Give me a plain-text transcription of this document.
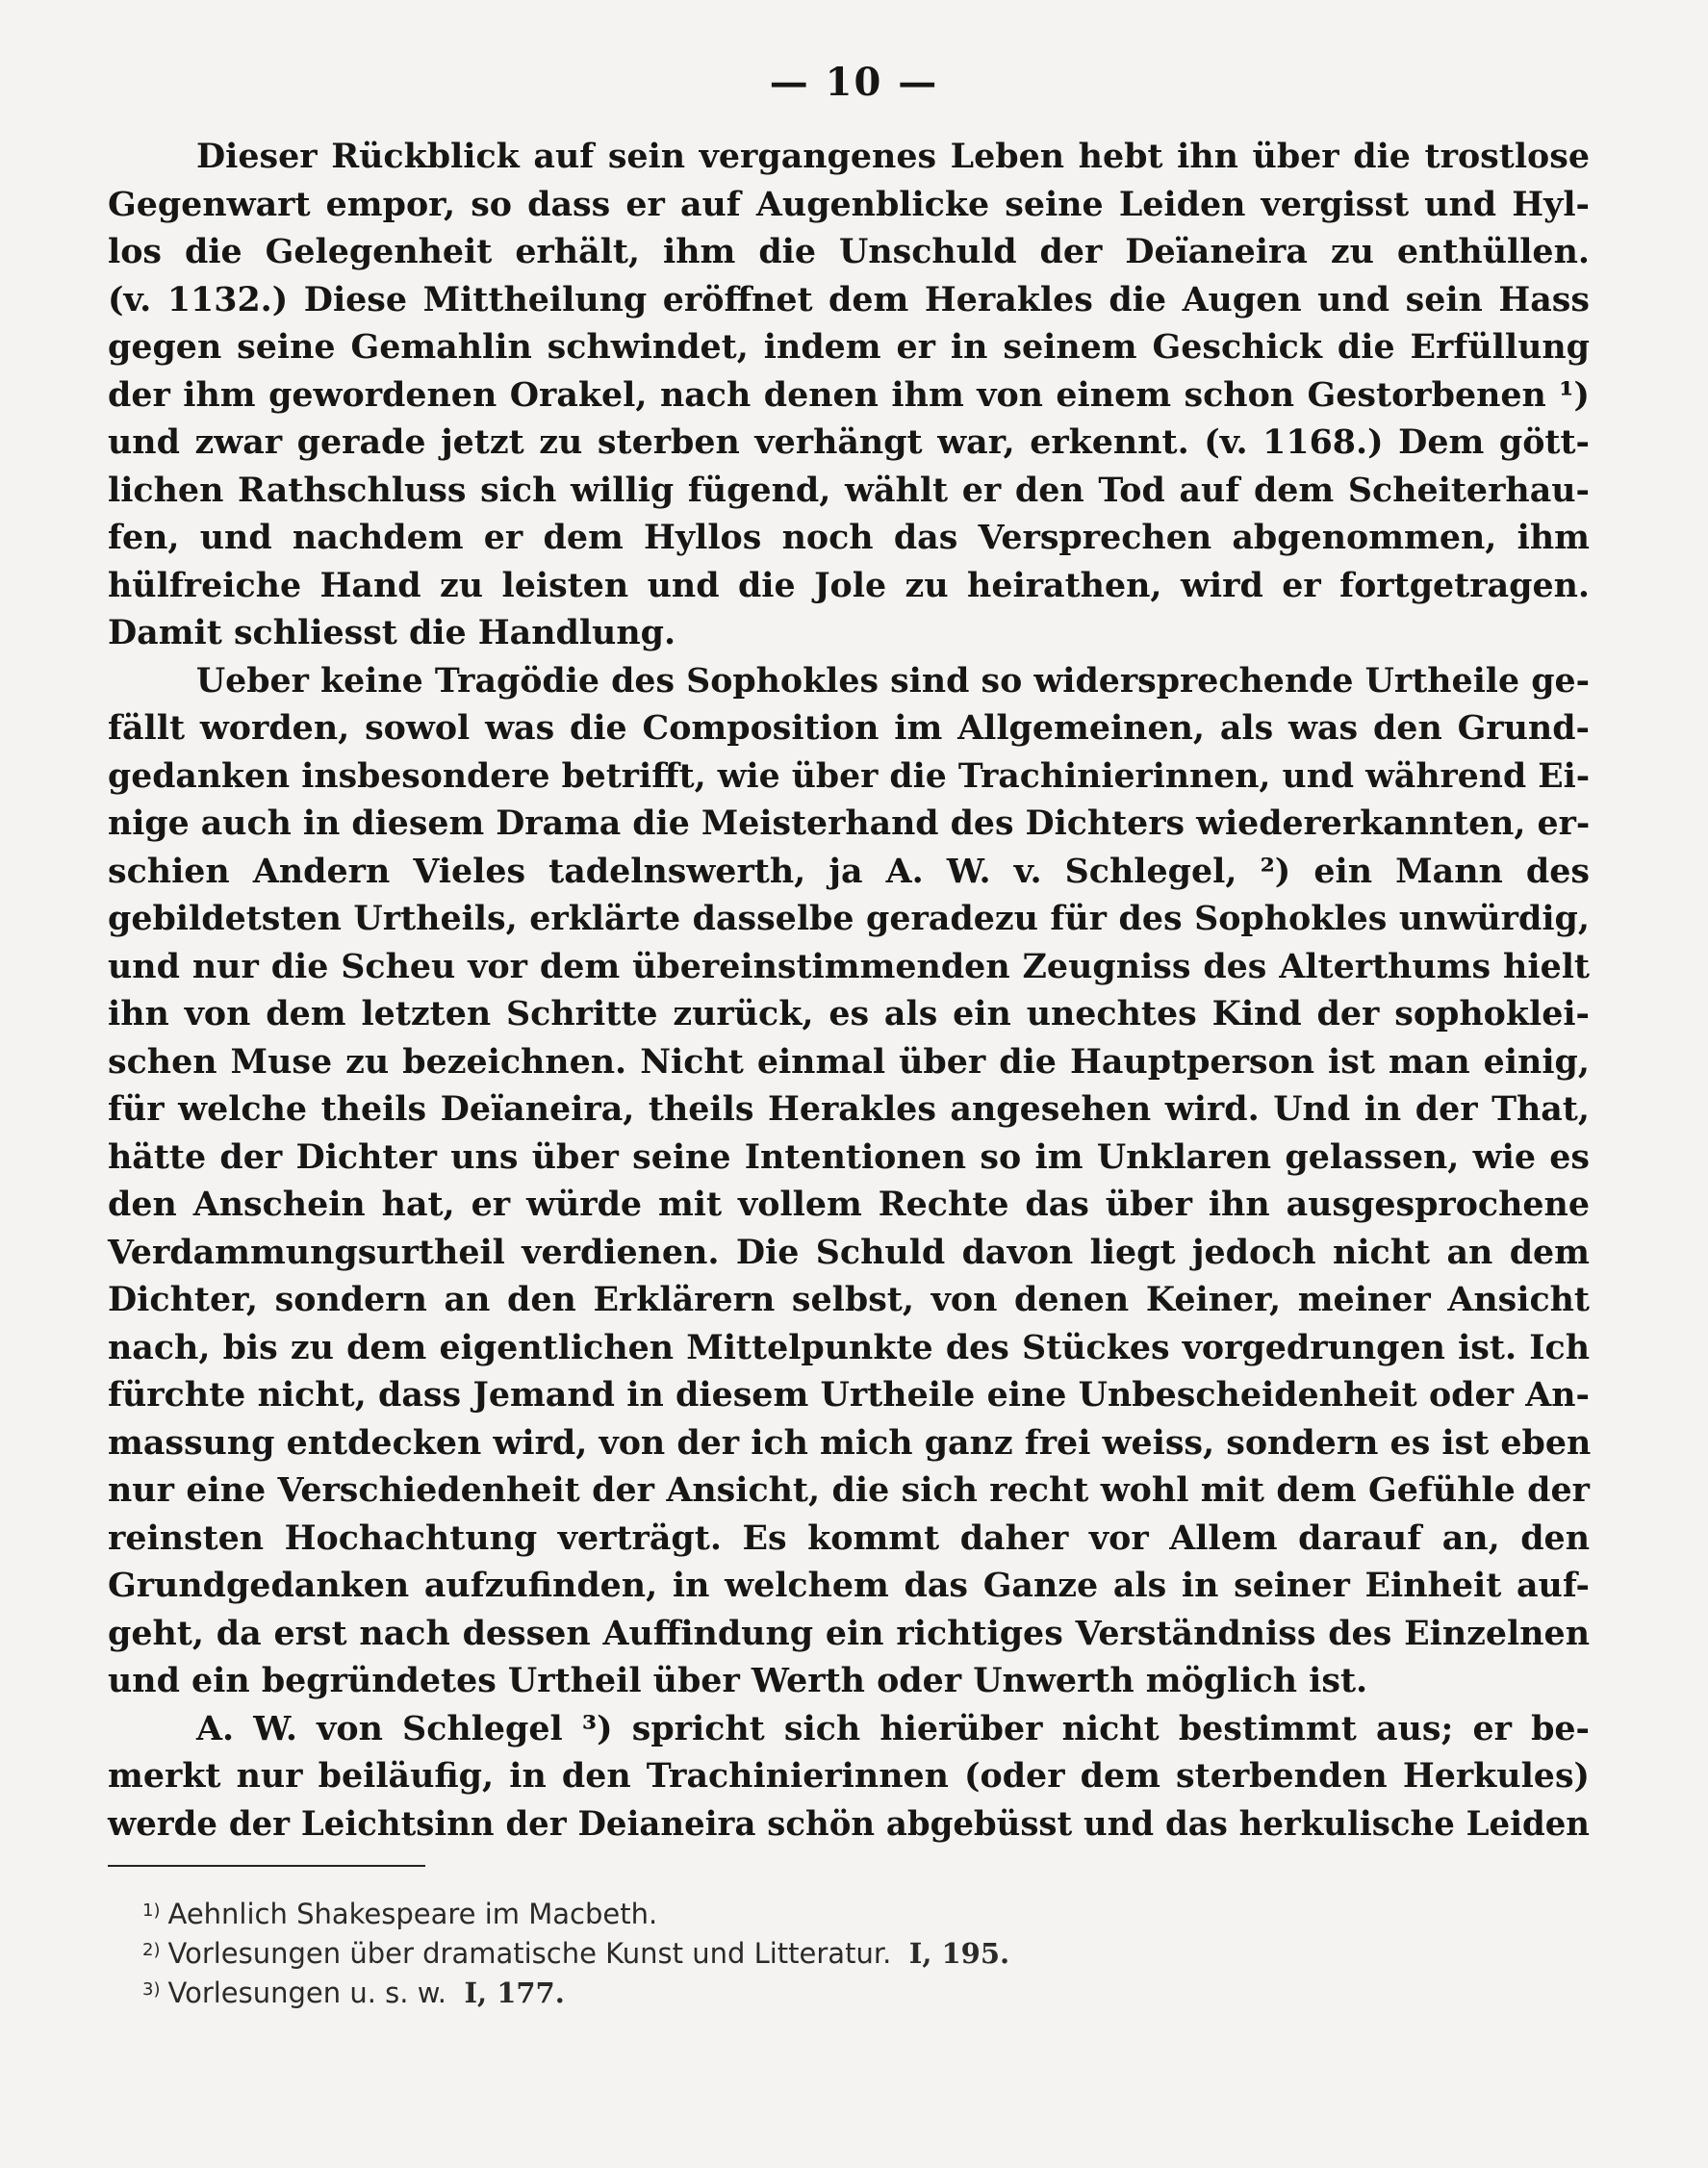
— 10 —
Dieser Rückblick auf sein vergangenes Leben hebt ihn über die trostlose
Gegenwart empor, so dass er auf Augenblicke seine Leiden vergisst und Hyl-
los die Gelegenheit erhält, ihm die Unschuld der Deïaneira zu enthüllen.
(v. 1132.) Diese Mittheilung eröffnet dem Herakles die Augen und sein Hass
gegen seine Gemahlin schwindet, indem er in seinem Geschick die Erfüllung
der ihm gewordenen Orakel, nach denen ihm von einem schon Gestorbenen ¹)
und zwar gerade jetzt zu sterben verhängt war, erkennt. (v. 1168.) Dem gött-
lichen Rathschluss sich willig fügend, wählt er den Tod auf dem Scheiterhau-
fen, und nachdem er dem Hyllos noch das Versprechen abgenommen, ihm
hülfreiche Hand zu leisten und die Jole zu heirathen, wird er fortgetragen.
Damit schliesst die Handlung.
Ueber keine Tragödie des Sophokles sind so widersprechende Urtheile ge-
fällt worden, sowol was die Composition im Allgemeinen, als was den Grund-
gedanken insbesondere betrifft, wie über die Trachinierinnen, und während Ei-
nige auch in diesem Drama die Meisterhand des Dichters wiedererkannten, er-
schien Andern Vieles tadelnswerth, ja A. W. v. Schlegel, ²) ein Mann des
gebildetsten Urtheils, erklärte dasselbe geradezu für des Sophokles unwürdig,
und nur die Scheu vor dem übereinstimmenden Zeugniss des Alterthums hielt
ihn von dem letzten Schritte zurück, es als ein unechtes Kind der sophoklei-
schen Muse zu bezeichnen. Nicht einmal über die Hauptperson ist man einig,
für welche theils Deïaneira, theils Herakles angesehen wird. Und in der That,
hätte der Dichter uns über seine Intentionen so im Unklaren gelassen, wie es
den Anschein hat, er würde mit vollem Rechte das über ihn ausgesprochene
Verdammungsurtheil verdienen. Die Schuld davon liegt jedoch nicht an dem
Dichter, sondern an den Erklärern selbst, von denen Keiner, meiner Ansicht
nach, bis zu dem eigentlichen Mittelpunkte des Stückes vorgedrungen ist. Ich
fürchte nicht, dass Jemand in diesem Urtheile eine Unbescheidenheit oder An-
massung entdecken wird, von der ich mich ganz frei weiss, sondern es ist eben
nur eine Verschiedenheit der Ansicht, die sich recht wohl mit dem Gefühle der
reinsten Hochachtung verträgt. Es kommt daher vor Allem darauf an, den
Grundgedanken aufzufinden, in welchem das Ganze als in seiner Einheit auf-
geht, da erst nach dessen Auffindung ein richtiges Verständniss des Einzelnen
und ein begründetes Urtheil über Werth oder Unwerth möglich ist.
A. W. von Schlegel ³) spricht sich hierüber nicht bestimmt aus; er be-
merkt nur beiläufig, in den Trachinierinnen (oder dem sterbenden Herkules)
werde der Leichtsinn der Deianeira schön abgebüsst und das herkulische Leiden
$^{1)}$ Aehnlich Shakespeare im Macbeth.
$^{2)}$ Vorlesungen über dramatische Kunst und Litteratur. I, 195.
$^{3)}$ Vorlesungen u. s. w. I, 177.
